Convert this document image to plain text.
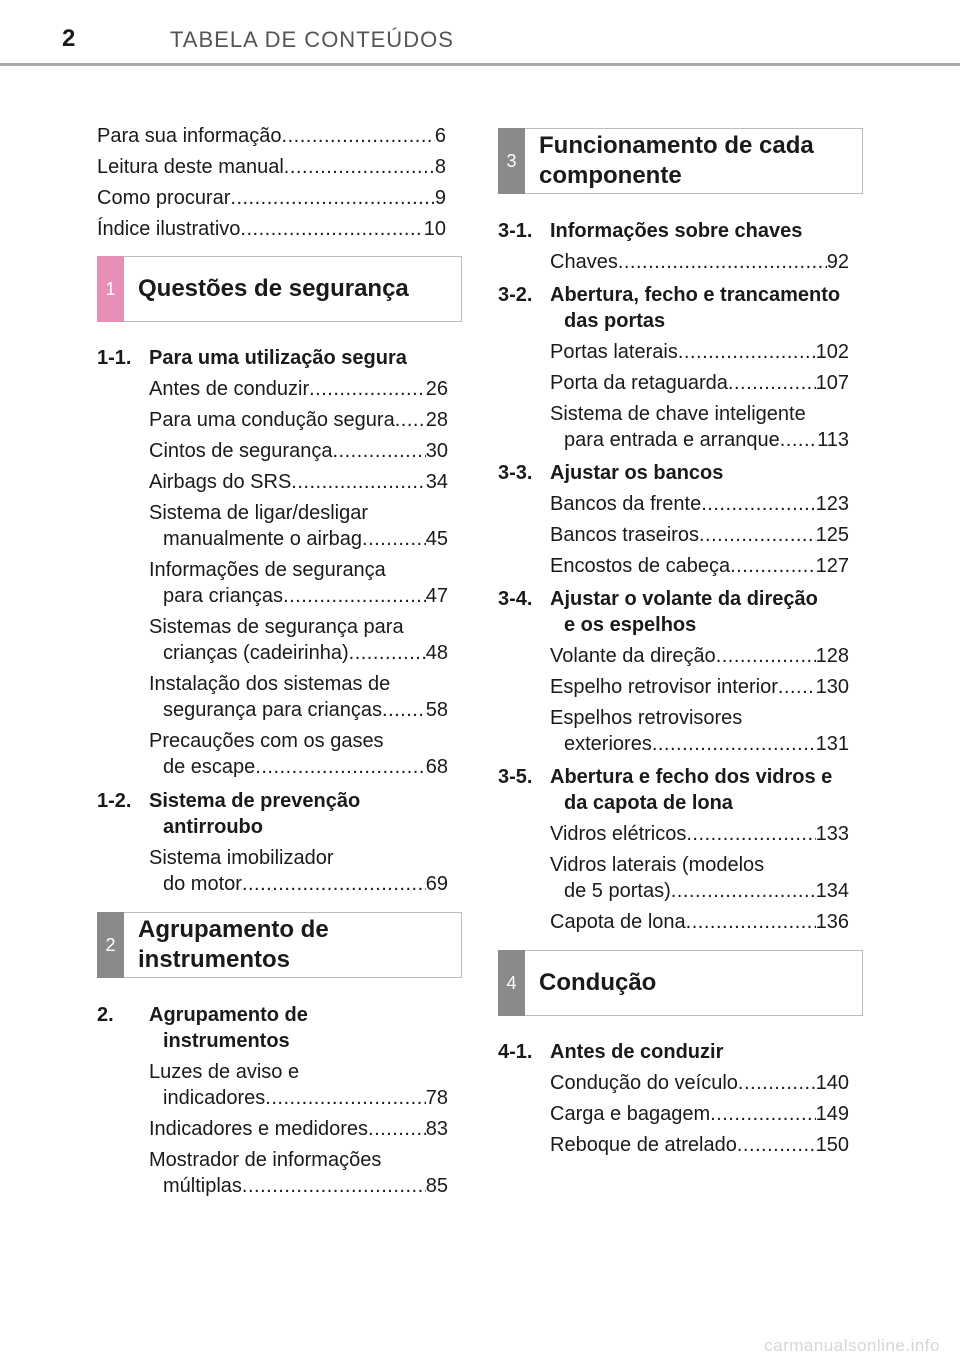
2	TABELA DE CONTEÚDOS
Para sua informação .....	6
Leitura deste manual .....	8
Como procurar .....	9
Índice ilustrativo .....	10
1 Questões de segurança
1-1. Para uma utilização segura
Antes de conduzir .....	26
Para uma condução segura ..... 28
Cintos de segurança .....	30
Airbags do SRS .....	34
Sistema de ligar/desligar
manualmente o airbag .....	45
Informações de segurança
para crianças .....	47
Sistemas de segurança para
crianças (cadeirinha) .....	48
Instalação dos sistemas de
segurança para crianças ..... 58
Precauções com os gases
de escape .....	68
1-2. Sistema de prevenção
antirroubo
Sistema imobilizador
do motor .....	69
2
Agrupamento de
instrumentos
2. Agrupamento de
instrumentos
Luzes de aviso e
indicadores .....	78
Indicadores e medidores .....	83
Mostrador de informações
múltiplas .....	85
3
Funcionamento de cada
componente
3-1. Informações sobre chaves
Chaves .....	92
3-2. Abertura, fecho e trancamento
das portas
Portas laterais .....	102
Porta da retaguarda .....	107
Sistema de chave inteligente
para entrada e arranque ..... 113
3-3. Ajustar os bancos
Bancos da frente .....	123
Bancos traseiros .....	125
Encostos de cabeça .....	127
3-4. Ajustar o volante da direção
e os espelhos
Volante da direção .....	128
Espelho retrovisor interior ..... 130
Espelhos retrovisores
exteriores .....	131
3-5. Abertura e fecho dos vidros e
da capota de lona
Vidros elétricos .....	133
Vidros laterais (modelos
de 5 portas) .....	134
Capota de lona .....	136
4 Condução
4-1. Antes de conduzir
Condução do veículo .....	140
Carga e bagagem .....	149
Reboque de atrelado .....	150
carmanualsonline.info
